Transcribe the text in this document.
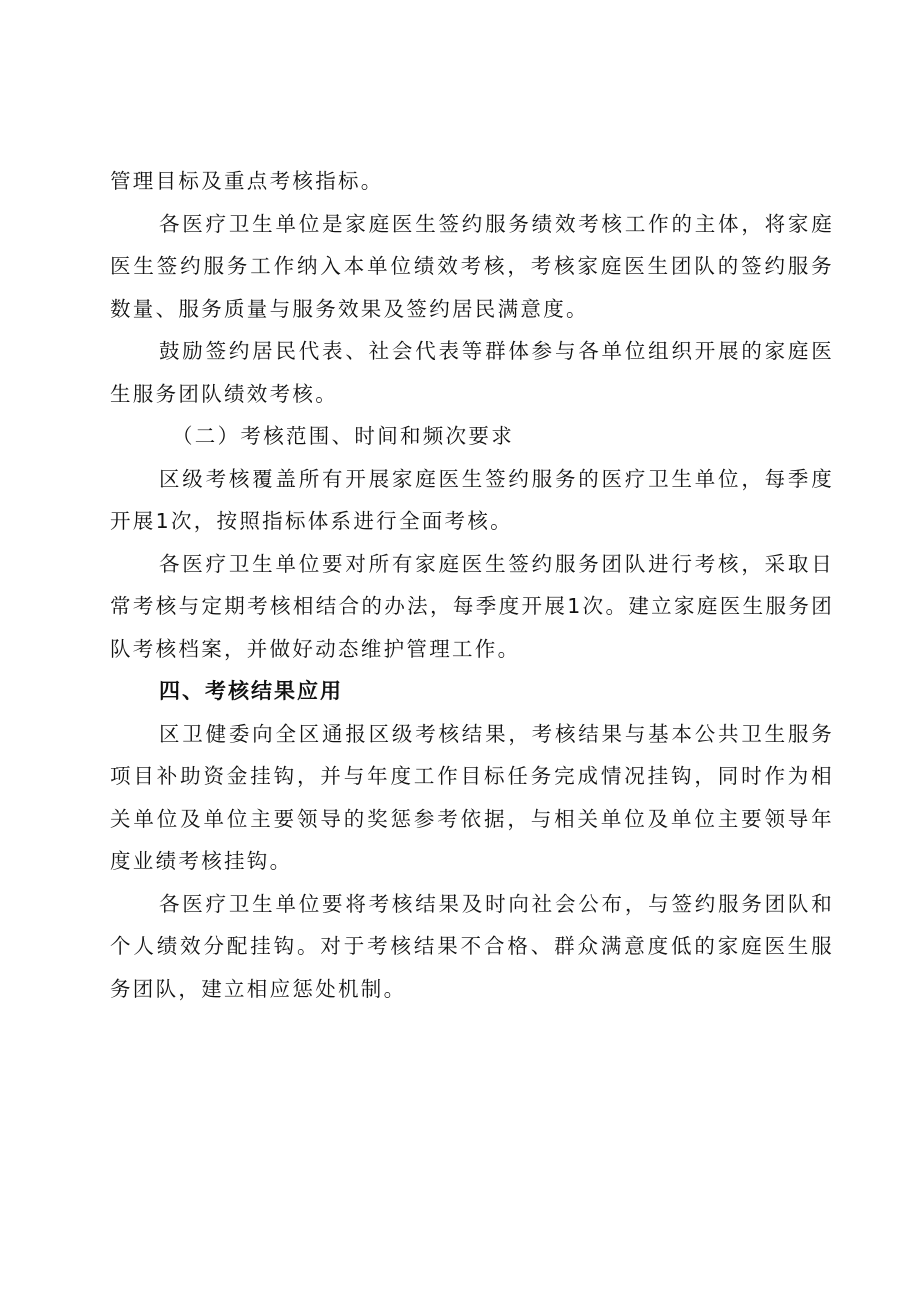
管理目标及重点考核指标。

各医疗卫生单位是家庭医生签约服务绩效考核工作的主体，将家庭医生签约服务工作纳入本单位绩效考核，考核家庭医生团队的签约服务数量、服务质量与服务效果及签约居民满意度。

鼓励签约居民代表、社会代表等群体参与各单位组织开展的家庭医生服务团队绩效考核。

（二）考核范围、时间和频次要求

区级考核覆盖所有开展家庭医生签约服务的医疗卫生单位，每季度开展1次，按照指标体系进行全面考核。

各医疗卫生单位要对所有家庭医生签约服务团队进行考核，采取日常考核与定期考核相结合的办法，每季度开展1次。建立家庭医生服务团队考核档案，并做好动态维护管理工作。

四、考核结果应用

区卫健委向全区通报区级考核结果，考核结果与基本公共卫生服务项目补助资金挂钩，并与年度工作目标任务完成情况挂钩，同时作为相关单位及单位主要领导的奖惩参考依据，与相关单位及单位主要领导年度业绩考核挂钩。

各医疗卫生单位要将考核结果及时向社会公布，与签约服务团队和个人绩效分配挂钩。对于考核结果不合格、群众满意度低的家庭医生服务团队，建立相应惩处机制。
